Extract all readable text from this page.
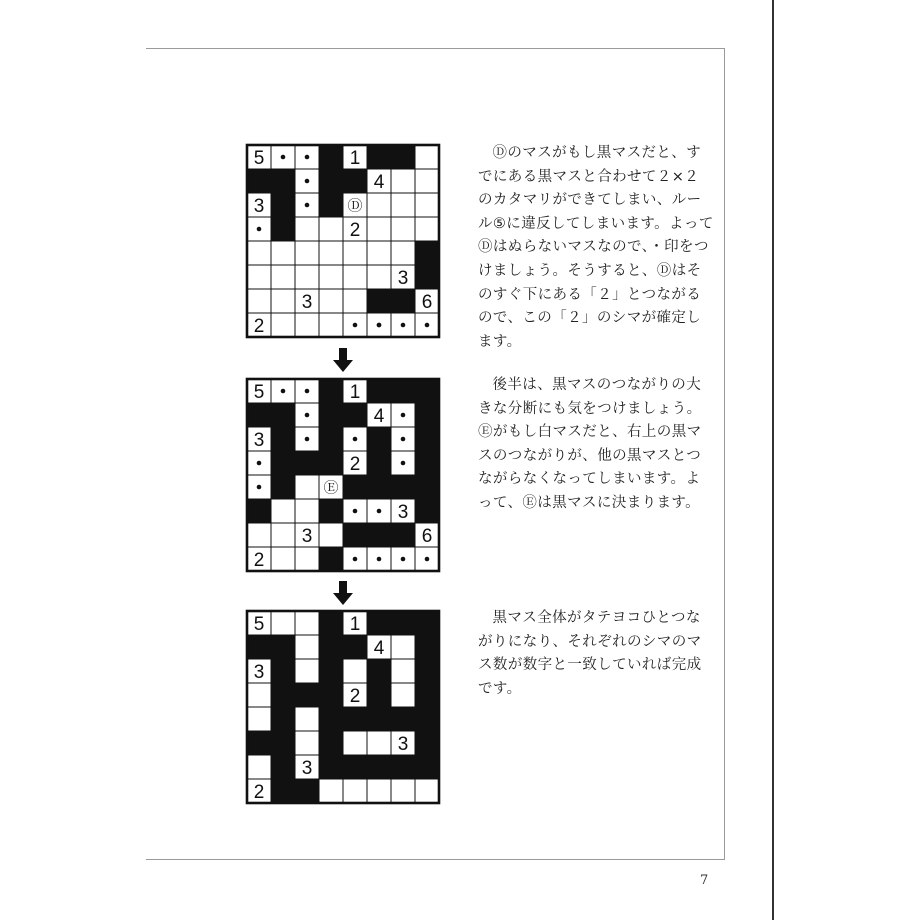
5	1
4
3	Ⓓ
2
3
3	6
2
5	1
4
3
2
Ⓔ
3
3	6
2
5	1
4
3
2
3
3
2

Ⓓのマスがもし黒マスだと、すでにある黒マスと合わせて２×２のカタマリができてしまい、ルール⑤に違反してしまいます。よってⒹはぬらないマスなので、・印をつけましょう。そうすると、Ⓓはそのすぐ下にある「２」とつながるので、この「２」のシマが確定します。

後半は、黒マスのつながりの大きな分断にも気をつけましょう。Ⓔがもし白マスだと、右上の黒マスのつながりが、他の黒マスとつながらなくなってしまいます。よって、Ⓔは黒マスに決まります。

黒マス全体がタテヨコひとつながりになり、それぞれのシマのマス数が数字と一致していれば完成です。

7
